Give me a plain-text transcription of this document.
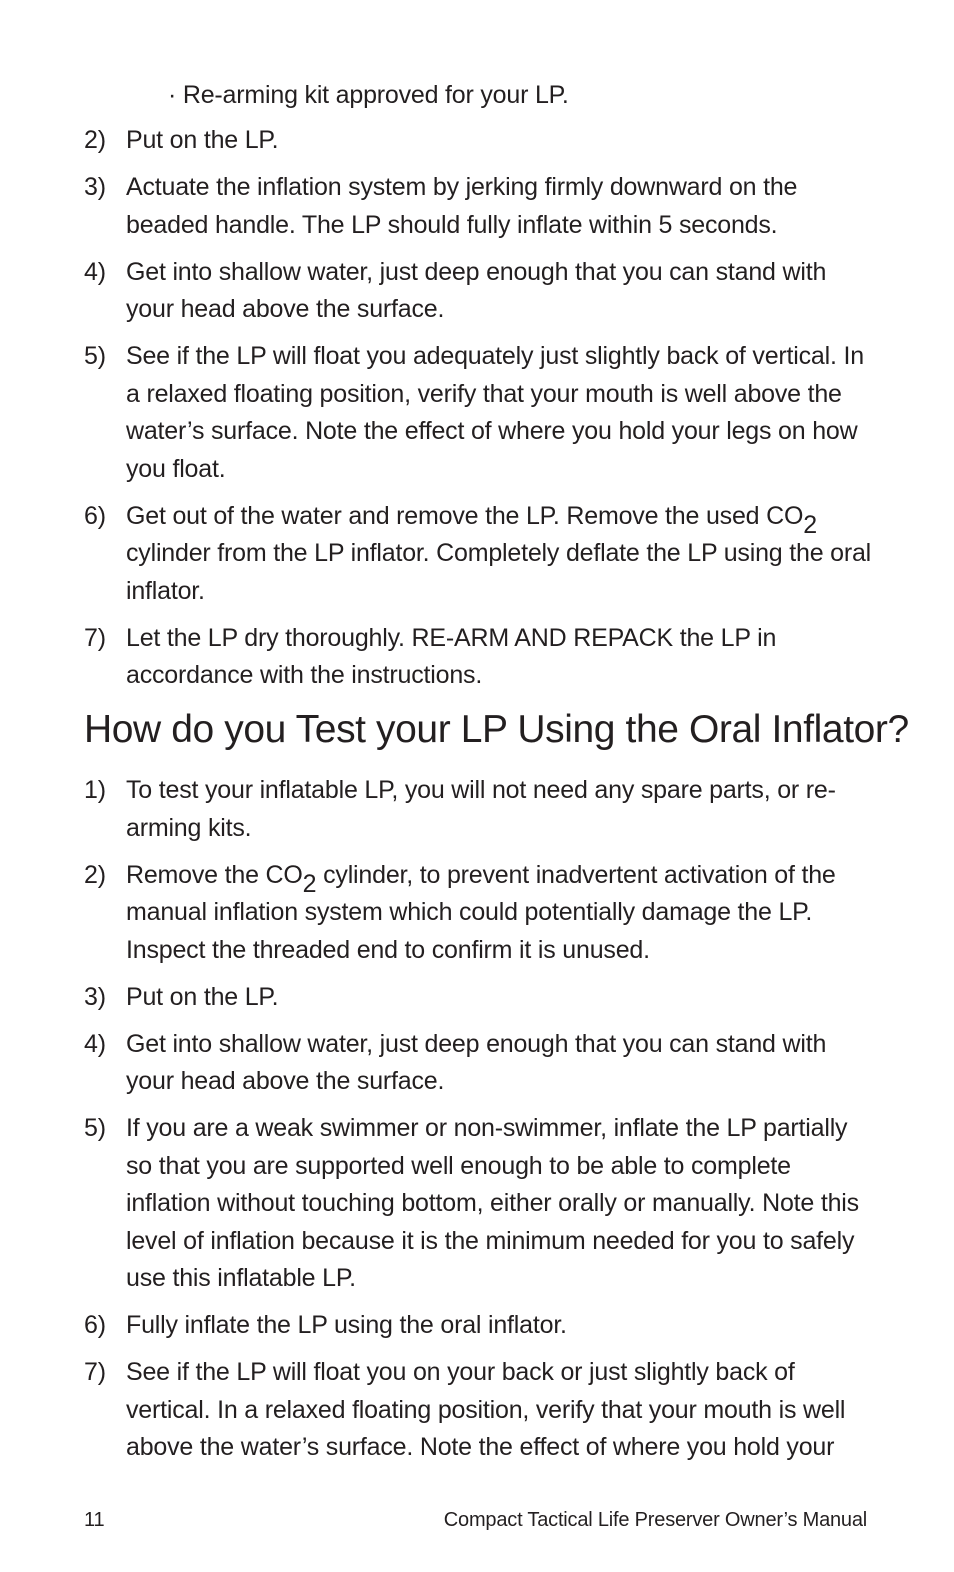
· Re-arming kit approved for your LP.
2) Put on the LP.
3) Actuate the inflation system by jerking firmly downward on the beaded handle. The LP should fully inflate within 5 seconds.
4) Get into shallow water, just deep enough that you can stand with your head above the surface.
5) See if the LP will float you adequately just slightly back of vertical. In a relaxed floating position, verify that your mouth is well above the water’s surface. Note the effect of where you hold your legs on how you float.
6) Get out of the water and remove the LP. Remove the used CO2 cylinder from the LP inflator. Completely deflate the LP using the oral inflator.
7) Let the LP dry thoroughly. RE-ARM AND REPACK the LP in accordance with the instructions.
How do you Test your LP Using the Oral Inflator?
1) To test your inflatable LP, you will not need any spare parts, or re-arming kits.
2) Remove the CO2 cylinder, to prevent inadvertent activation of the manual inflation system which could potentially damage the LP. Inspect the threaded end to confirm it is unused.
3) Put on the LP.
4) Get into shallow water, just deep enough that you can stand with your head above the surface.
5) If you are a weak swimmer or non-swimmer, inflate the LP partially so that you are supported well enough to be able to complete inflation without touching bottom, either orally or manually. Note this level of inflation because it is the minimum needed for you to safely use this inflatable LP.
6) Fully inflate the LP using the oral inflator.
7) See if the LP will float you on your back or just slightly back of vertical. In a relaxed floating position, verify that your mouth is well above the water’s surface. Note the effect of where you hold your
11	Compact Tactical Life Preserver Owner’s Manual
